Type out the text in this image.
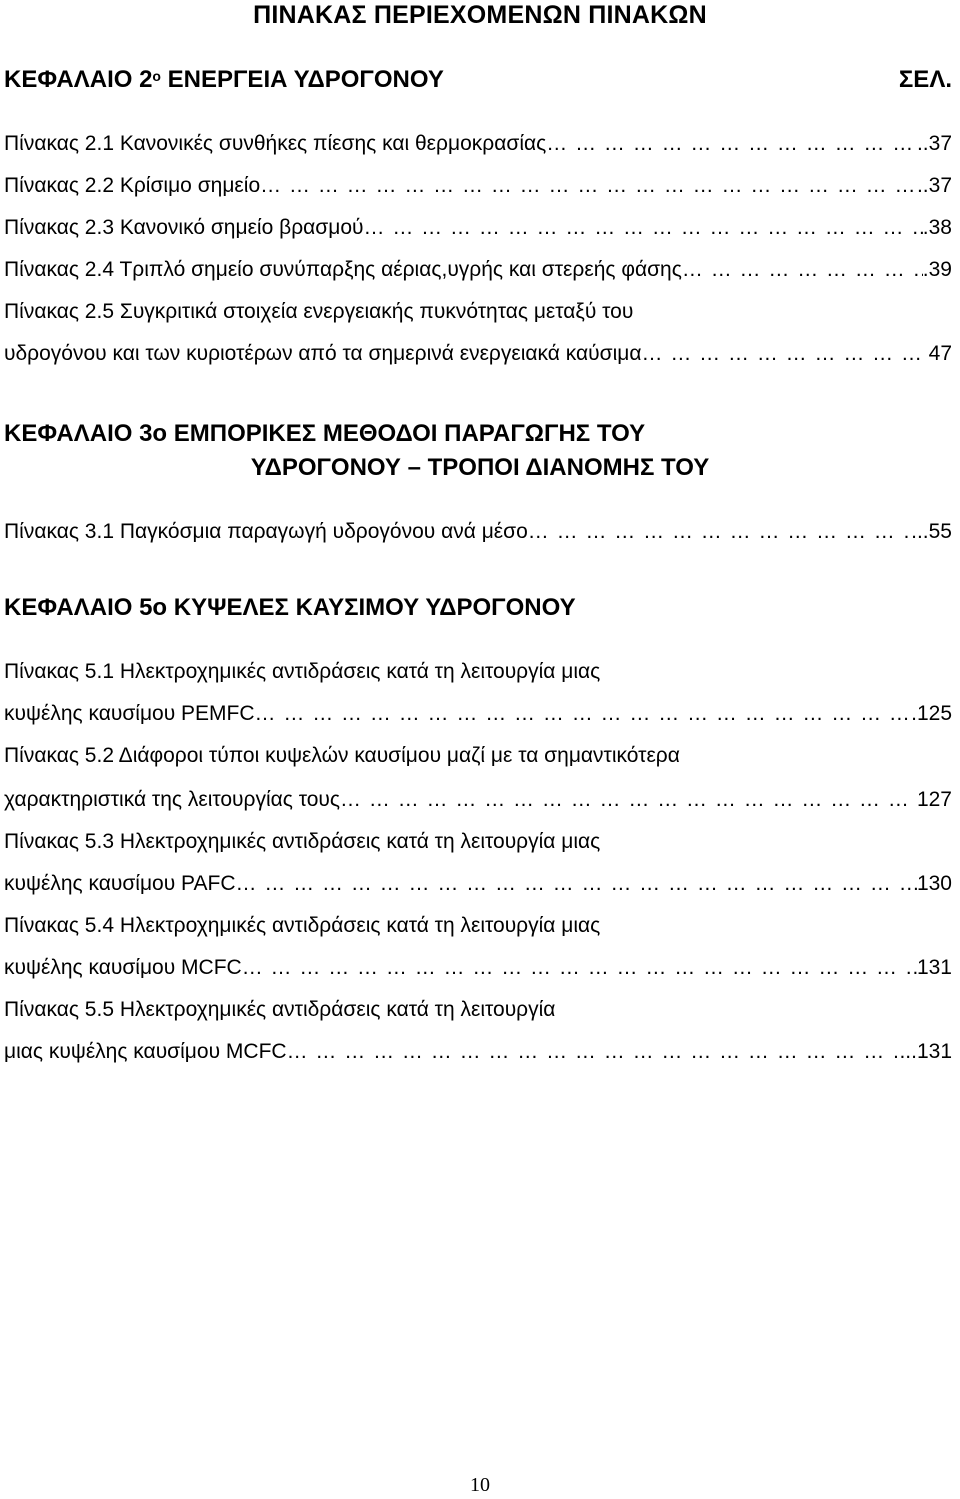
ΠΙΝΑΚΑΣ ΠΕΡΙΕΧΟΜΕΝΩΝ ΠΙΝΑΚΩΝ
ΚΕΦΑΛΑΙΟ $2^o$ ΕΝΕΡΓΕΙΑ ΥΔΡΟΓΟΝΟΥ	ΣΕΛ.
Πίνακας 2.1 Κανονικές συνθήκες πίεσης και θερμοκρασίας … … … … … … … … … … … … … … … … … … … … … … … … … … … … … … … … … … … … … … … … … … … … … … … … … … … … …	..37
Πίνακας 2.2 Κρίσιμο σημείο … … … … … … … … … … … … … … … … … … … … … … … … … … … … … … … … … … … … … … … … … … … … … … … … … … … … …	..37
Πίνακας 2.3 Κανονικό σημείο βρασμού … … … … … … … … … … … … … … … … … … … … … … … … … … … … … … … … … … … … … … … … … … … … … … … … … … … … …	.38
Πίνακας 2.4 Τριπλό σημείο συνύπαρξης αέριας,υγρής και στερεής φάσης … … … … … … … … … … … … … … … … … … … … … … … … … … … … … … … … … … … … … … … … … … … … … … … … … … … … …	.39
Πίνακας 2.5 Συγκριτικά στοιχεία ενεργειακής πυκνότητας μεταξύ του
υδρογόνου και των κυριοτέρων από τα σημερινά ενεργειακά καύσιμα … … … … … … … … … … … … … … … … … … … … … … … … … … … … … … … … … … … … … … … … … … … … … … … … … … … … …	47
ΚΕΦΑΛΑΙΟ 3ο ΕΜΠΟΡΙΚΕΣ ΜΕΘΟΔΟΙ ΠΑΡΑΓΩΓΗΣ ΤΟΥ
ΥΔΡΟΓΟΝΟΥ – ΤΡΟΠΟΙ ΔΙΑΝΟΜΗΣ ΤΟΥ
Πίνακας 3.1 Παγκόσμια παραγωγή υδρογόνου ανά μέσο … … … … … … … … … … … … … … … … … … … … … … … … … … … … … … … … … … … … … … … … … … … … … … … … … … … … …	...55
ΚΕΦΑΛΑΙΟ 5ο ΚΥΨΕΛΕΣ ΚΑΥΣΙΜΟΥ ΥΔΡΟΓΟΝΟΥ
Πίνακας 5.1 Ηλεκτροχημικές αντιδράσεις κατά τη λειτουργία μιας
κυψέλης καυσίμου PEMFC … … … … … … … … … … … … … … … … … … … … … … … … … … … … … … … … … … … … … … … … … … … … … … … … … … … … …	.125
Πίνακας 5.2 Διάφοροι τύποι κυψελών καυσίμου μαζί με τα σημαντικότερα
χαρακτηριστικά της λειτουργίας τους … … … … … … … … … … … … … … … … … … … … … … … … … … … … … … … … … … … … … … … … … … … … … … … … … … … … …	127
Πίνακας 5.3 Ηλεκτροχημικές αντιδράσεις κατά τη λειτουργία μιας
κυψέλης καυσίμου PAFC … … … … … … … … … … … … … … … … … … … … … … … … … … … … … … … … … … … … … … … … … … … … … … … … … … … … …	130
Πίνακας 5.4 Ηλεκτροχημικές αντιδράσεις κατά τη λειτουργία μιας
κυψέλης καυσίμου MCFC … … … … … … … … … … … … … … … … … … … … … … … … … … … … … … … … … … … … … … … … … … … … … … … … … … … … …	131
Πίνακας 5.5 Ηλεκτροχημικές αντιδράσεις κατά τη λειτουργία
μιας κυψέλης καυσίμου MCFC … … … … … … … … … … … … … … … … … … … … … … … … … … … … … … … … … … … … … … … … … … … … … … … … … … … … …	...131
10
